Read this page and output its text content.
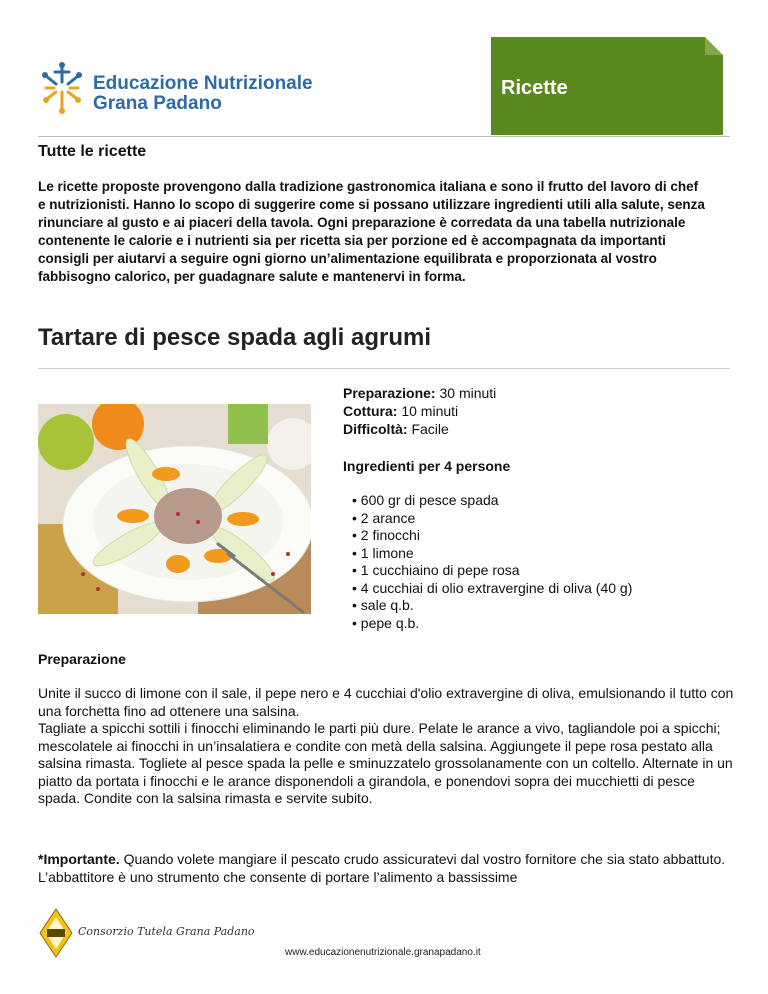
Educazione Nutrizionale
Grana Padano
Ricette
Tutte le ricette
Le ricette proposte provengono dalla tradizione gastronomica italiana e sono il frutto del lavoro di chef e nutrizionisti. Hanno lo scopo di suggerire come si possano utilizzare ingredienti utili alla salute, senza rinunciare al gusto e ai piaceri della tavola. Ogni preparazione è corredata da una tabella nutrizionale contenente le calorie e i nutrienti sia per ricetta sia per porzione ed è accompagnata da importanti consigli per aiutarvi a seguire ogni giorno un’alimentazione equilibrata e proporzionata al vostro fabbisogno calorico, per guadagnare salute e mantenervi in forma.
Tartare di pesce spada agli agrumi
Preparazione: 30 minuti
Cottura: 10 minuti
Difficoltà: Facile
Ingredienti per 4 persone
• 600 gr di pesce spada
• 2 arance
• 2 finocchi
• 1 limone
• 1 cucchiaino di pepe rosa
• 4 cucchiai di olio extravergine di oliva (40 g)
• sale q.b.
• pepe q.b.
Preparazione

Unite il succo di limone con il sale, il pepe nero e 4 cucchiai d'olio extravergine di oliva, emulsionando il tutto con una forchetta fino ad ottenere una salsina.

Tagliate a spicchi sottili i finocchi eliminando le parti più dure. Pelate le arance a vivo, tagliandole poi a spicchi; mescolatele ai finocchi in un’insalatiera e condite con metà della salsina. Aggiungete il pepe rosa pestato alla salsina rimasta. Togliete al pesce spada la pelle e sminuzzatelo grossolanamente con un coltello. Alternate in un piatto da portata i finocchi e le arance disponendoli a girandola, e ponendovi sopra dei mucchietti di pesce spada. Condite con la salsina rimasta e servite subito.

*Importante. Quando volete mangiare il pescato crudo assicuratevi dal vostro fornitore che sia stato abbattuto. L’abbattitore è uno strumento che consente di portare l’alimento a bassissime
Consorzio Tutela Grana Padano
www.educazionenutrizionale.granapadano.it
